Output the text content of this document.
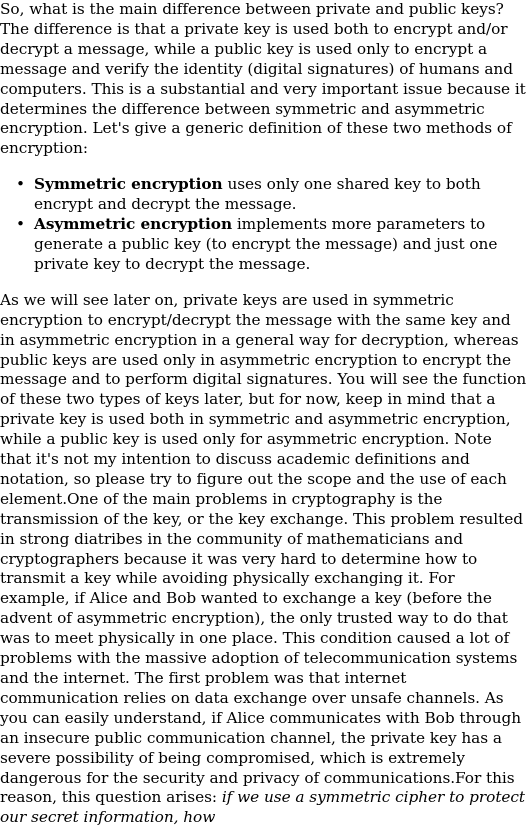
So, what is the main difference between private and public keys?The difference is that a private key is used both to encrypt and/or decrypt a message, while a public key is used only to encrypt a message and verify the identity (digital signatures) of humans and computers. This is a substantial and very important issue because it determines the difference between symmetric and asymmetric encryption. Let's give a generic definition of these two methods of encryption:

• Symmetric encryption uses only one shared key to both encrypt and decrypt the message.
• Asymmetric encryption implements more parameters to generate a public key (to encrypt the message) and just one private key to decrypt the message.

As we will see later on, private keys are used in symmetric encryption to encrypt/decrypt the message with the same key and in asymmetric encryption in a general way for decryption, whereas public keys are used only in asymmetric encryption to encrypt the message and to perform digital signatures. You will see the function of these two types of keys later, but for now, keep in mind that a private key is used both in symmetric and asymmetric encryption, while a public key is used only for asymmetric encryption. Note that it's not my intention to discuss academic definitions and notation, so please try to figure out the scope and the use of each element.One of the main problems in cryptography is the transmission of the key, or the key exchange. This problem resulted in strong diatribes in the community of mathematicians and cryptographers because it was very hard to determine how to transmit a key while avoiding physically exchanging it. For example, if Alice and Bob wanted to exchange a key (before the advent of asymmetric encryption), the only trusted way to do that was to meet physically in one place. This condition caused a lot of problems with the massive adoption of telecommunication systems and the internet. The first problem was that internet communication relies on data exchange over unsafe channels. As you can easily understand, if Alice communicates with Bob through an insecure public communication channel, the private key has a severe possibility of being compromised, which is extremely dangerous for the security and privacy of communications.For this reason, this question arises: if we use a symmetric cipher to protect our secret information, how
